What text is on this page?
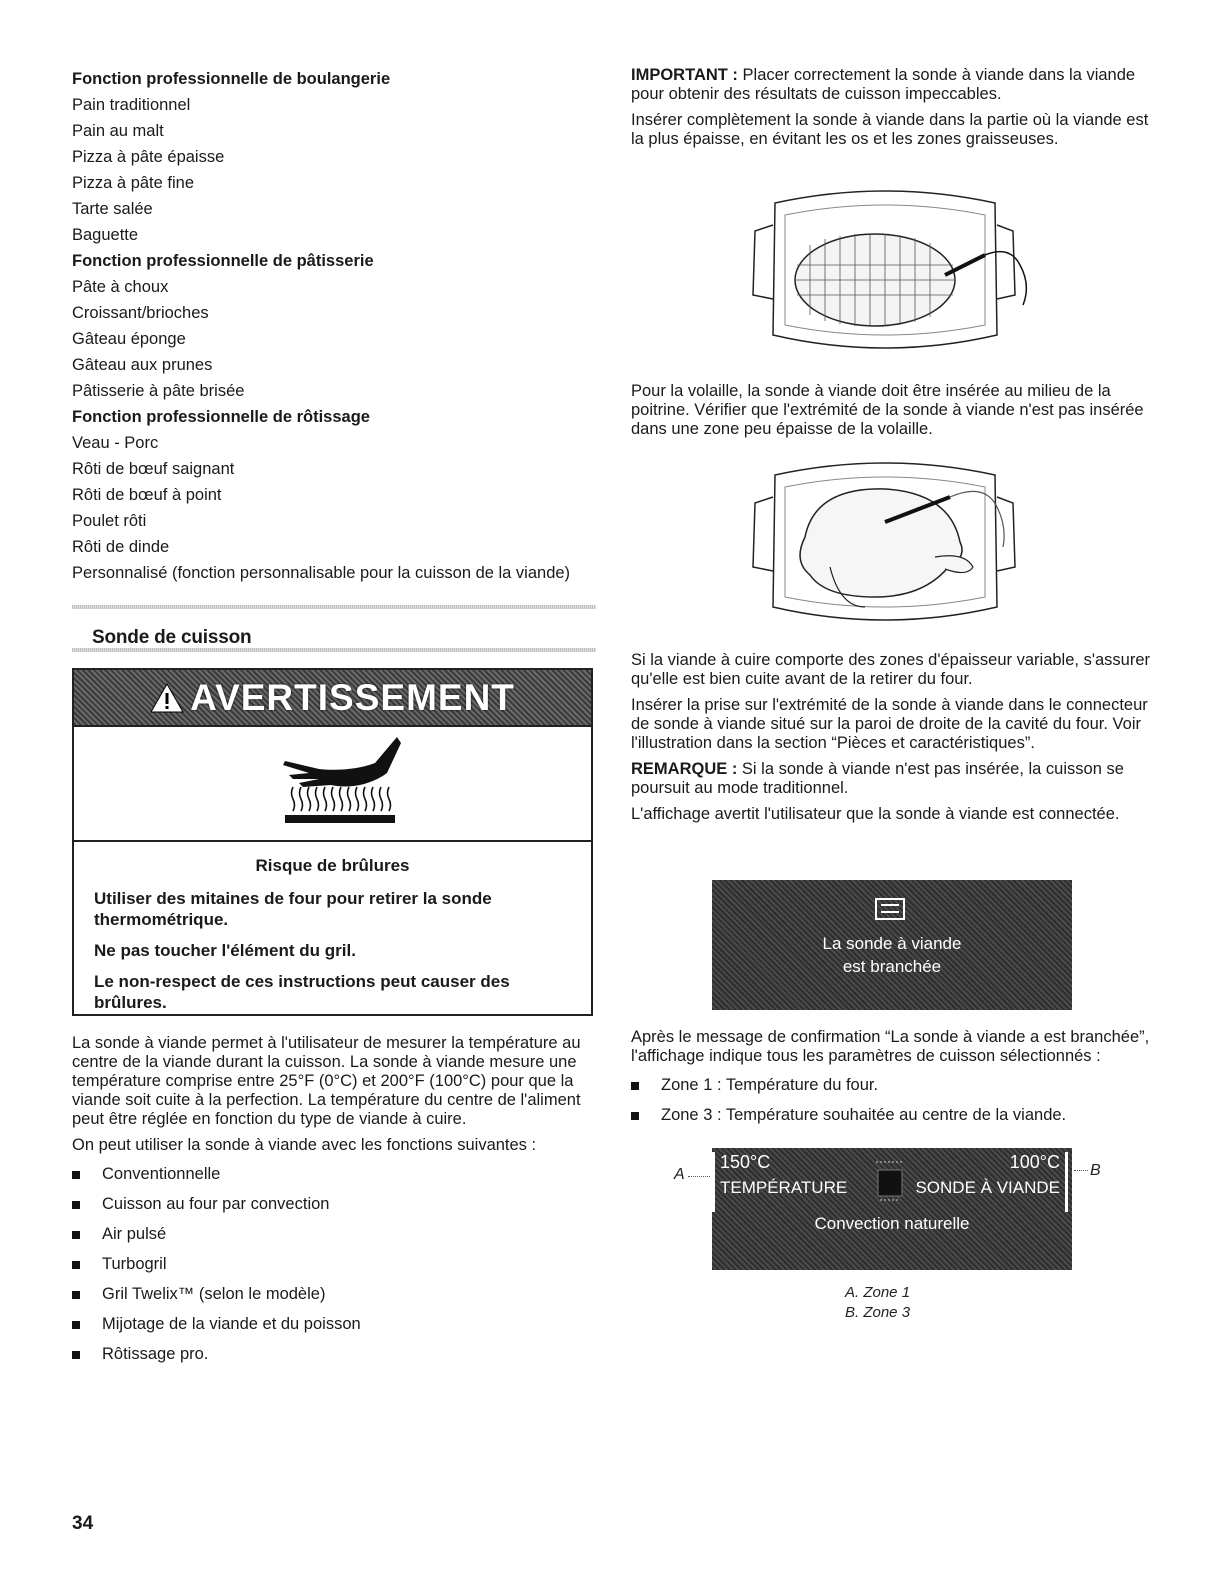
Fonction professionnelle de boulangerie
Pain traditionnel
Pain au malt
Pizza à pâte épaisse
Pizza à pâte fine
Tarte salée
Baguette
Fonction professionnelle de pâtisserie
Pâte à choux
Croissant/brioches
Gâteau éponge
Gâteau aux prunes
Pâtisserie à pâte brisée
Fonction professionnelle de rôtissage
Veau - Porc
Rôti de bœuf saignant
Rôti de bœuf à point
Poulet rôti
Rôti de dinde
Personnalisé (fonction personnalisable pour la cuisson de la viande)
Sonde de cuisson
AVERTISSEMENT
Risque de brûlures
Utiliser des mitaines de four pour retirer la sonde thermométrique.
Ne pas toucher l'élément du gril.
Le non-respect de ces instructions peut causer des brûlures.

La sonde à viande permet à l'utilisateur de mesurer la température au centre de la viande durant la cuisson. La sonde à viande mesure une température comprise entre 25°F (0°C) et 200°F (100°C) pour que la viande soit cuite à la perfection. La température du centre de l'aliment peut être réglée en fonction du type de viande à cuire.

On peut utiliser la sonde à viande avec les fonctions suivantes :

Conventionnelle
Cuisson au four par convection
Air pulsé
Turbogril
Gril Twelix™ (selon le modèle)
Mijotage de la viande et du poisson
Rôtissage pro.

IMPORTANT : Placer correctement la sonde à viande dans la viande pour obtenir des résultats de cuisson impeccables.

Insérer complètement la sonde à viande dans la partie où la viande est la plus épaisse, en évitant les os et les zones graisseuses.

Pour la volaille, la sonde à viande doit être insérée au milieu de la poitrine. Vérifier que l'extrémité de la sonde à viande n'est pas insérée dans une zone peu épaisse de la volaille.

Si la viande à cuire comporte des zones d'épaisseur variable, s'assurer qu'elle est bien cuite avant de la retirer du four.

Insérer la prise sur l'extrémité de la sonde à viande dans le connecteur de sonde à viande situé sur la paroi de droite de la cavité du four. Voir l'illustration dans la section “Pièces et caractéristiques”.

REMARQUE : Si la sonde à viande n'est pas insérée, la cuisson se poursuit au mode traditionnel.

L'affichage avertit l'utilisateur que la sonde à viande est connectée.

La sonde à viande
est branchée

Après le message de confirmation “La sonde à viande a est branchée”, l'affichage indique tous les paramètres de cuisson sélectionnés :

Zone 1 : Température du four.
Zone 3 : Température souhaitée au centre de la viande.
A
150°C
TEMPÉRATURE
100°C
SONDE À VIANDE
Convection naturelle
B
A. Zone 1
B. Zone 3
34
